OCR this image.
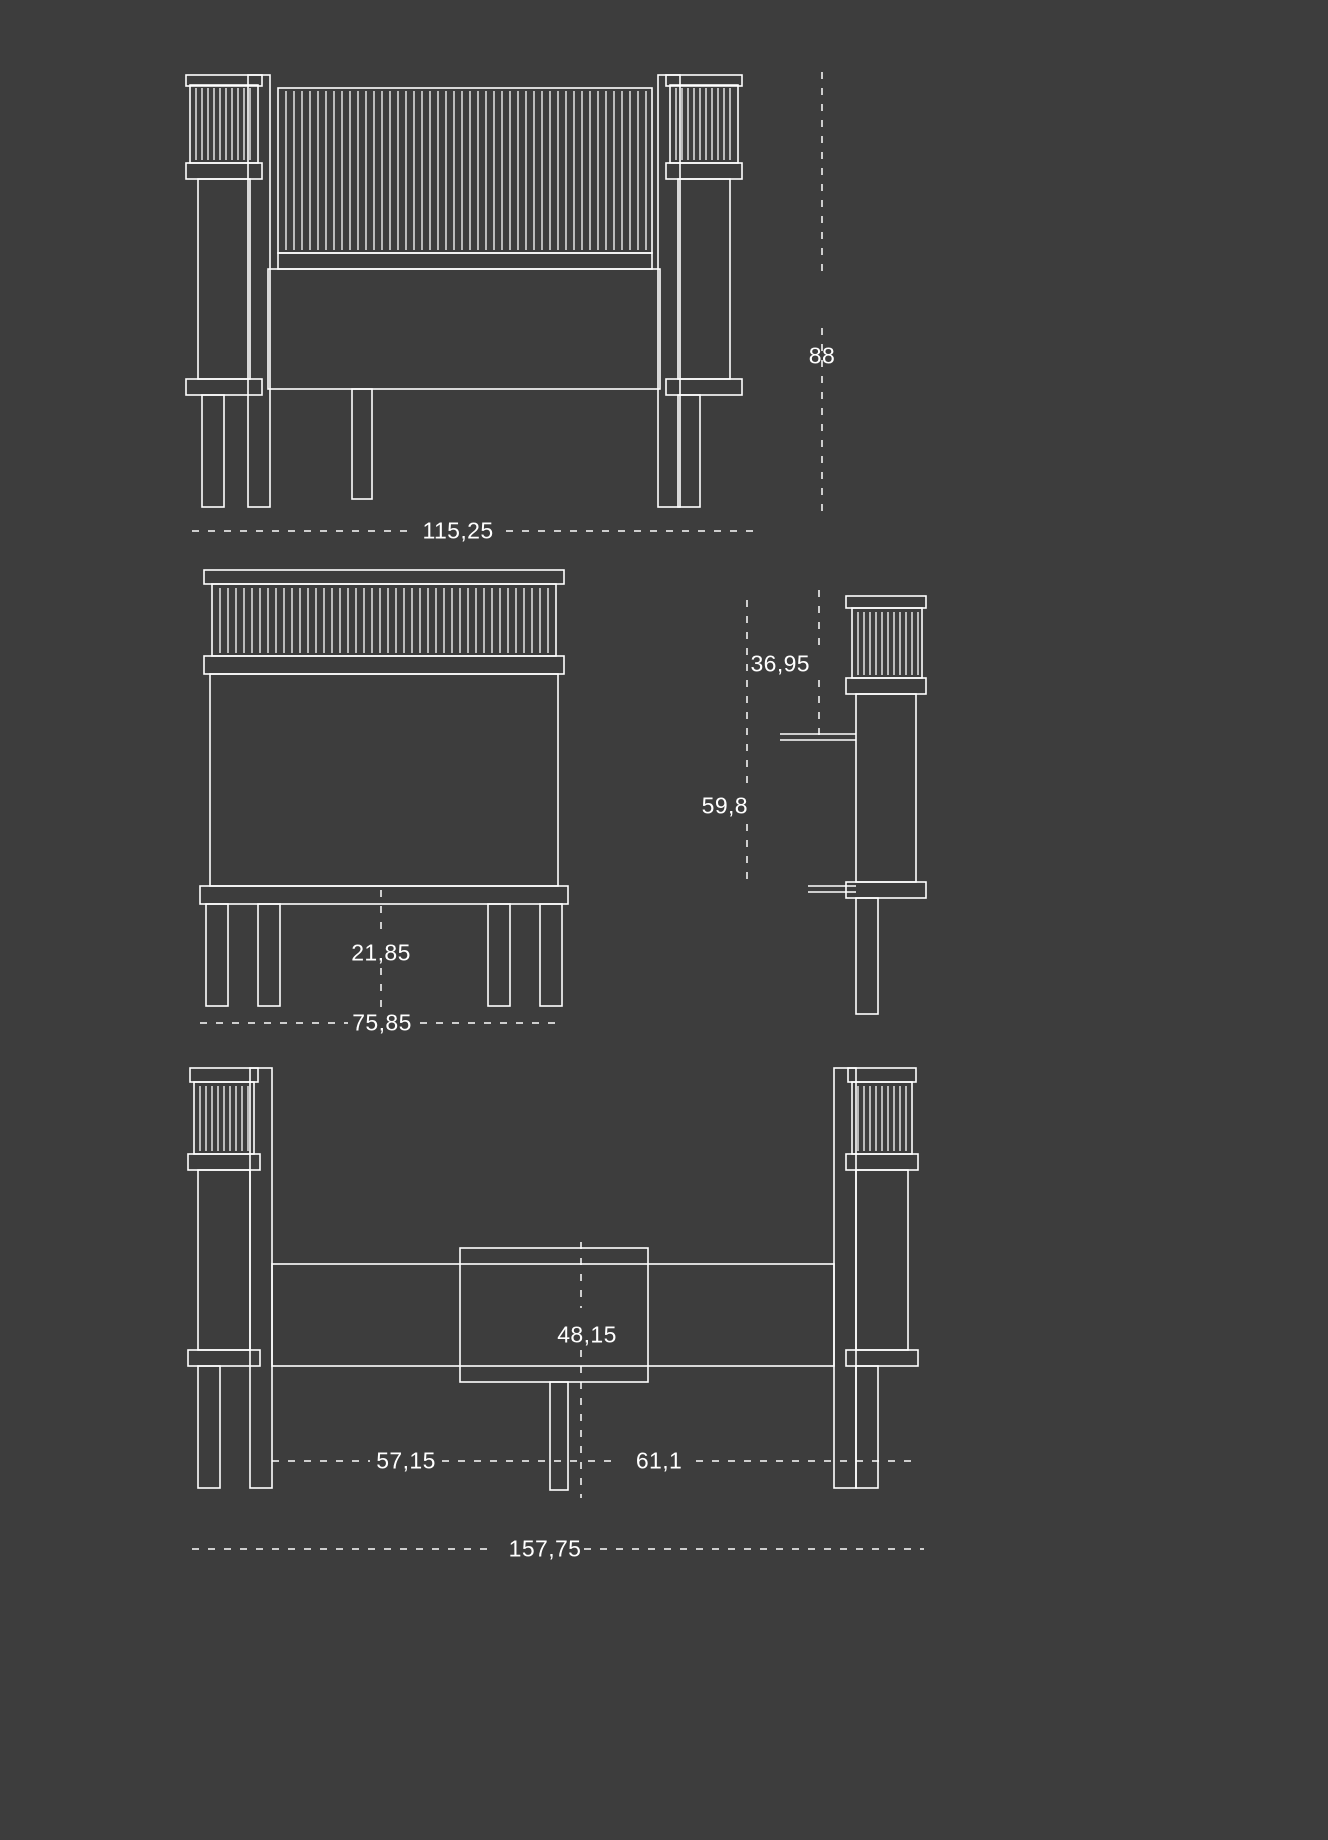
88
115,25
21,85
75,85
36,95
59,8
48,15
57,15	61,1
157,75
